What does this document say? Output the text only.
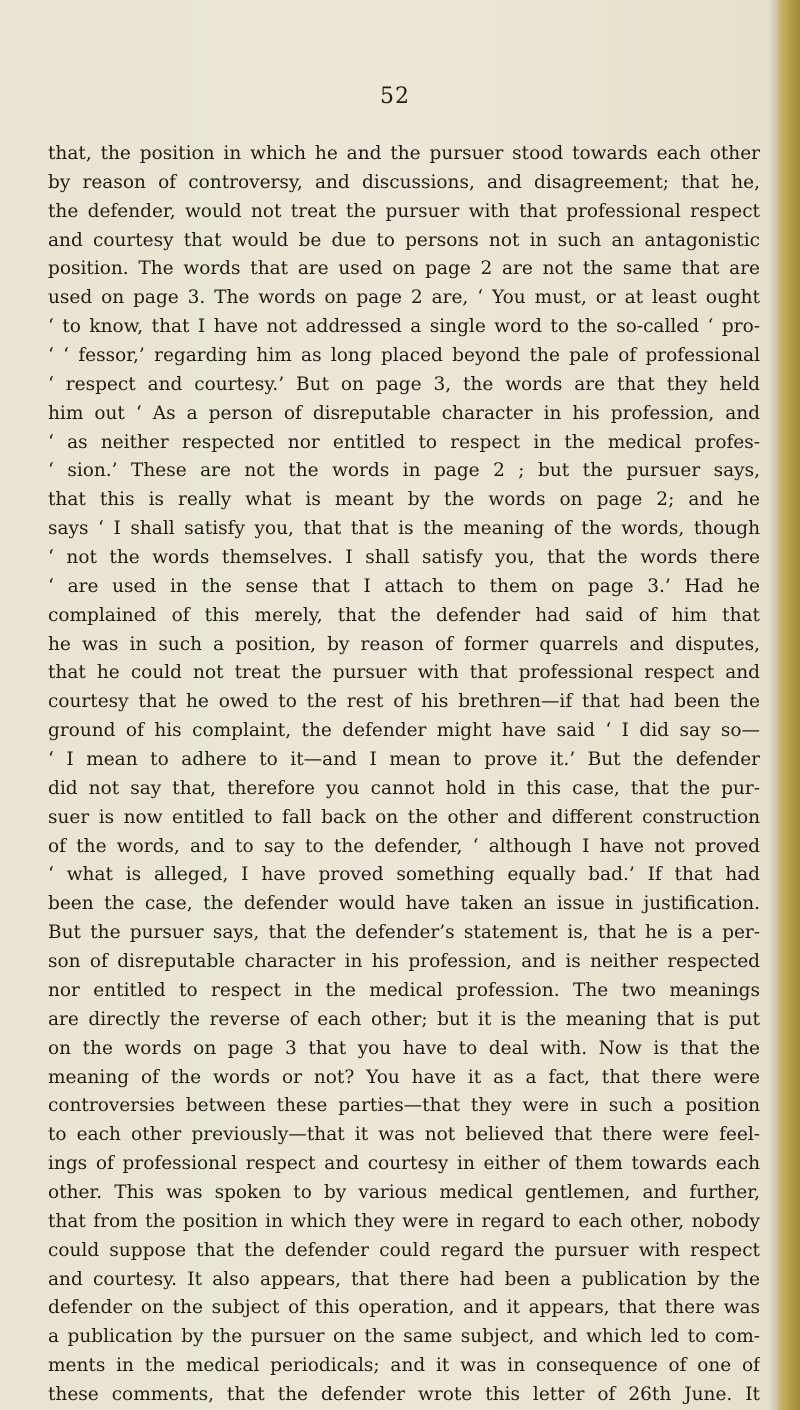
52
that, the position in which he and the pursuer stood towards each other
by reason of controversy, and discussions, and disagreement; that he,
the defender, would not treat the pursuer with that professional respect
and courtesy that would be due to persons not in such an antagonistic
position. The words that are used on page 2 are not the same that are
used on page 3. The words on page 2 are, ‘ You must, or at least ought
‘ to know, that I have not addressed a single word to the so-called ‘ pro-
‘ ‘ fessor,’ regarding him as long placed beyond the pale of professional
‘ respect and courtesy.’ But on page 3, the words are that they held
him out ‘ As a person of disreputable character in his profession, and
‘ as neither respected nor entitled to respect in the medical profes-
‘ sion.’ These are not the words in page 2 ; but the pursuer says,
that this is really what is meant by the words on page 2; and he
says ‘ I shall satisfy you, that that is the meaning of the words, though
‘ not the words themselves. I shall satisfy you, that the words there
‘ are used in the sense that I attach to them on page 3.’ Had he
complained of this merely, that the defender had said of him that
he was in such a position, by reason of former quarrels and disputes,
that he could not treat the pursuer with that professional respect and
courtesy that he owed to the rest of his brethren—if that had been the
ground of his complaint, the defender might have said ‘ I did say so—
‘ I mean to adhere to it—and I mean to prove it.’ But the defender
did not say that, therefore you cannot hold in this case, that the pur-
suer is now entitled to fall back on the other and different construction
of the words, and to say to the defender, ‘ although I have not proved
‘ what is alleged, I have proved something equally bad.’ If that had
been the case, the defender would have taken an issue in justification.
But the pursuer says, that the defender’s statement is, that he is a per-
son of disreputable character in his profession, and is neither respected
nor entitled to respect in the medical profession. The two meanings
are directly the reverse of each other; but it is the meaning that is put
on the words on page 3 that you have to deal with. Now is that the
meaning of the words or not? You have it as a fact, that there were
controversies between these parties—that they were in such a position
to each other previously—that it was not believed that there were feel-
ings of professional respect and courtesy in either of them towards each
other. This was spoken to by various medical gentlemen, and further,
that from the position in which they were in regard to each other, nobody
could suppose that the defender could regard the pursuer with respect
and courtesy. It also appears, that there had been a publication by the
defender on the subject of this operation, and it appears, that there was
a publication by the pursuer on the same subject, and which led to com-
ments in the medical periodicals; and it was in consequence of one of
these comments, that the defender wrote this letter of 26th June. It
